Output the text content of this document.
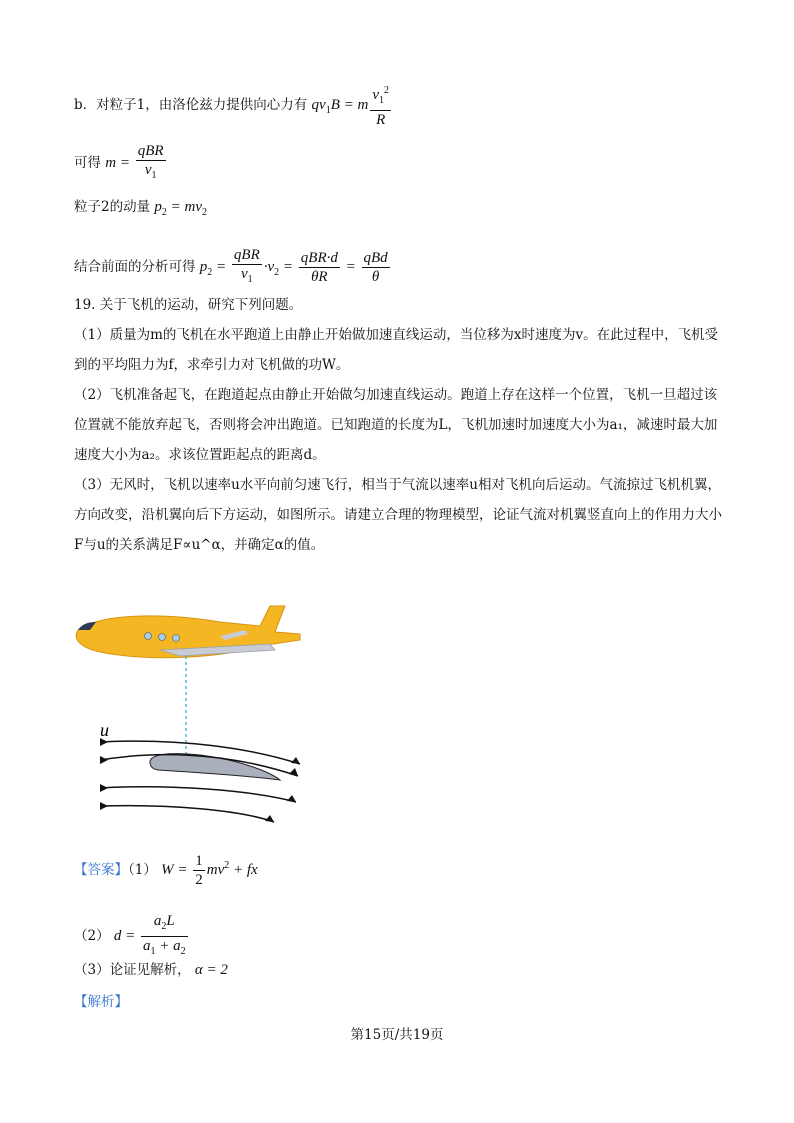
b．对粒子1，由洛伦兹力提供向心力有 $qv_1B = m \frac{v_1^2}{R}$
可得 $m = \frac{\text{qBR}}{v_1}$
粒子2的动量 $p_2 = mv_2$
结合前面的分析可得 $p_2 = \frac{\text{qBR}}{v_1} \cdot v_2 = \frac{\text{qBR·d}}{\theta R} = \frac{\text{qBd}}{\theta}$

19. 关于飞机的运动，研究下列问题。

（1）质量为m的飞机在水平跑道上由静止开始做加速直线运动，当位移为x时速度为v。在此过程中，飞机受到的平均阻力为f，求牵引力对飞机做的功W。

（2）飞机准备起飞，在跑道起点由静止开始做匀加速直线运动。跑道上存在这样一个位置，飞机一旦超过该位置就不能放弃起飞，否则将会冲出跑道。已知跑道的长度为L，飞机加速时加速度大小为a₁，减速时最大加速度大小为a₂。求该位置距起点的距离d。

（3）无风时，飞机以速率u水平向前匀速飞行，相当于气流以速率u相对飞机向后运动。气流掠过飞机机翼，方向改变，沿机翼向后下方运动，如图所示。请建立合理的物理模型，论证气流对机翼竖直向上的作用力大小F与u的关系满足F∝u^α，并确定α的值。

u
【答案】（1） $W = \frac{1}{2} mv^2$ + fx
（2） $d = \frac{a_2L}{a_1 + a_2}$
（3）论证见解析， α = 2
【解析】
第15页/共19页
